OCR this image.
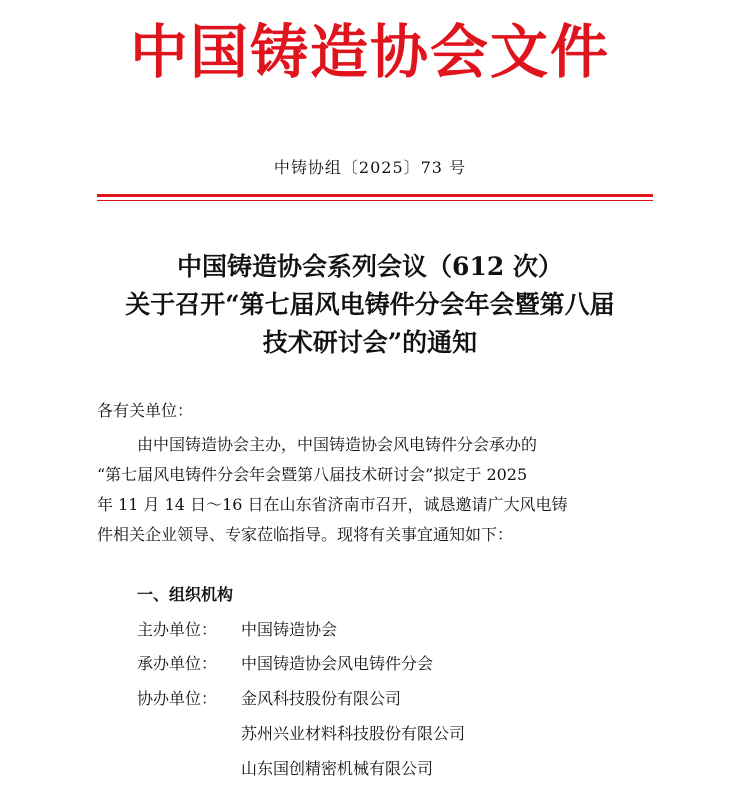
中国铸造协会文件
中铸协组〔2025〕73 号
中国铸造协会系列会议（612 次）
关于召开“第七届风电铸件分会年会暨第八届
技术研讨会”的通知
各有关单位：
由中国铸造协会主办，中国铸造协会风电铸件分会承办的
“第七届风电铸件分会年会暨第八届技术研讨会”拟定于 2025
年 11 月 14 日～16 日在山东省济南市召开，诚恳邀请广大风电铸
件相关企业领导、专家莅临指导。现将有关事宜通知如下：
一、组织机构
主办单位： 中国铸造协会
承办单位： 中国铸造协会风电铸件分会
协办单位： 金风科技股份有限公司
苏州兴业材料科技股份有限公司
山东国创精密机械有限公司
